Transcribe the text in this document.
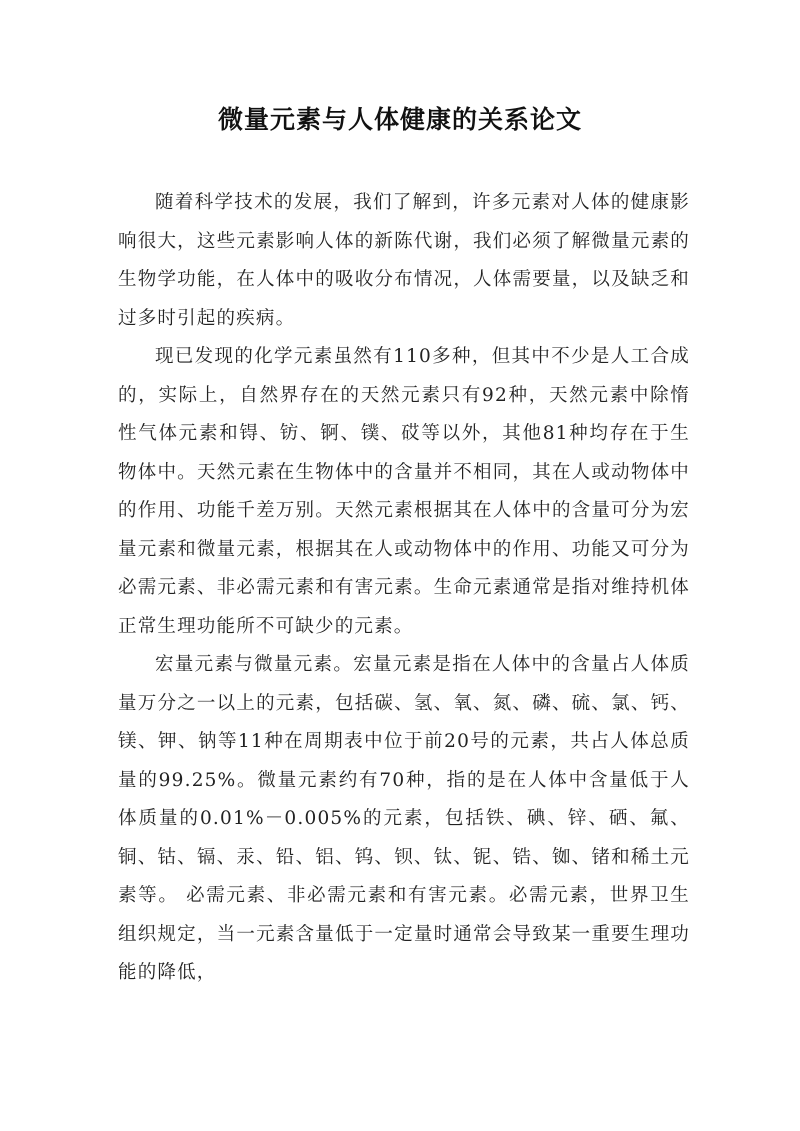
微量元素与人体健康的关系论文

随着科学技术的发展，我们了解到，许多元素对人体的健康影响很大，这些元素影响人体的新陈代谢，我们必须了解微量元素的生物学功能，在人体中的吸收分布情况，人体需要量，以及缺乏和过多时引起的疾病。

现已发现的化学元素虽然有110多种，但其中不少是人工合成的，实际上，自然界存在的天然元素只有92种，天然元素中除惰性气体元素和锝、钫、锕、镤、砹等以外，其他81种均存在于生物体中。天然元素在生物体中的含量并不相同，其在人或动物体中的作用、功能千差万别。天然元素根据其在人体中的含量可分为宏量元素和微量元素，根据其在人或动物体中的作用、功能又可分为必需元素、非必需元素和有害元素。生命元素通常是指对维持机体正常生理功能所不可缺少的元素。

宏量元素与微量元素。宏量元素是指在人体中的含量占人体质量万分之一以上的元素，包括碳、氢、氧、氮、磷、硫、氯、钙、镁、钾、钠等11种在周期表中位于前20号的元素，共占人体总质量的99.25%。微量元素约有70种，指的是在人体中含量低于人体质量的0.01%－0.005%的元素，包括铁、碘、锌、硒、氟、铜、钴、镉、汞、铅、铝、钨、钡、钛、铌、锆、铷、锗和稀土元素等。 必需元素、非必需元素和有害元素。必需元素，世界卫生组织规定，当一元素含量低于一定量时通常会导致某一重要生理功能的降低，
